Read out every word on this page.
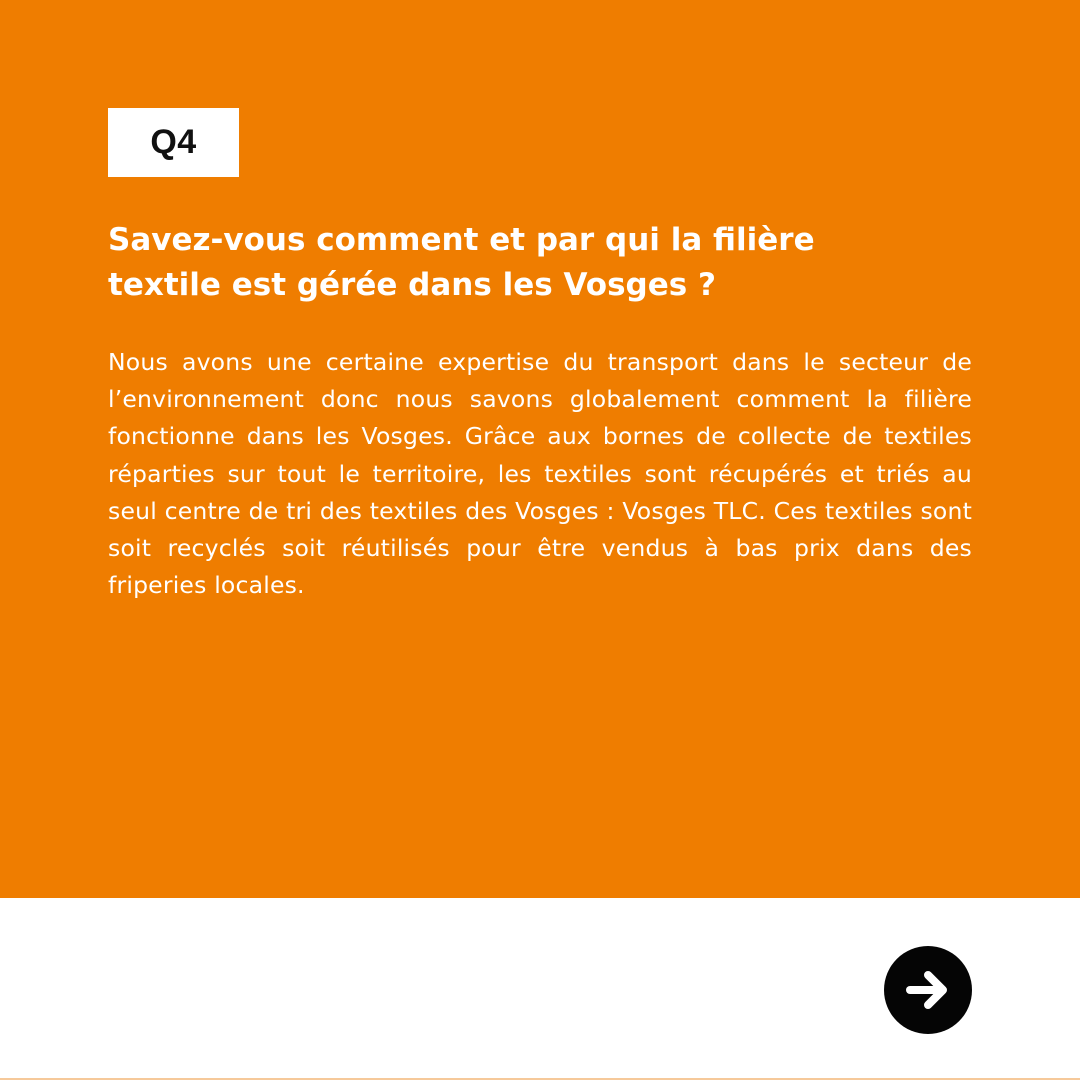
Q4
Savez-vous comment et par qui la filière textile est gérée dans les Vosges ?

Nous avons une certaine expertise du transport dans le secteur de l’environnement donc nous savons globalement comment la filière fonctionne dans les Vosges. Grâce aux bornes de collecte de textiles réparties sur tout le territoire, les textiles sont récupérés et triés au seul centre de tri des textiles des Vosges : Vosges TLC. Ces textiles sont soit recyclés soit réutilisés pour être vendus à bas prix dans des friperies locales.
